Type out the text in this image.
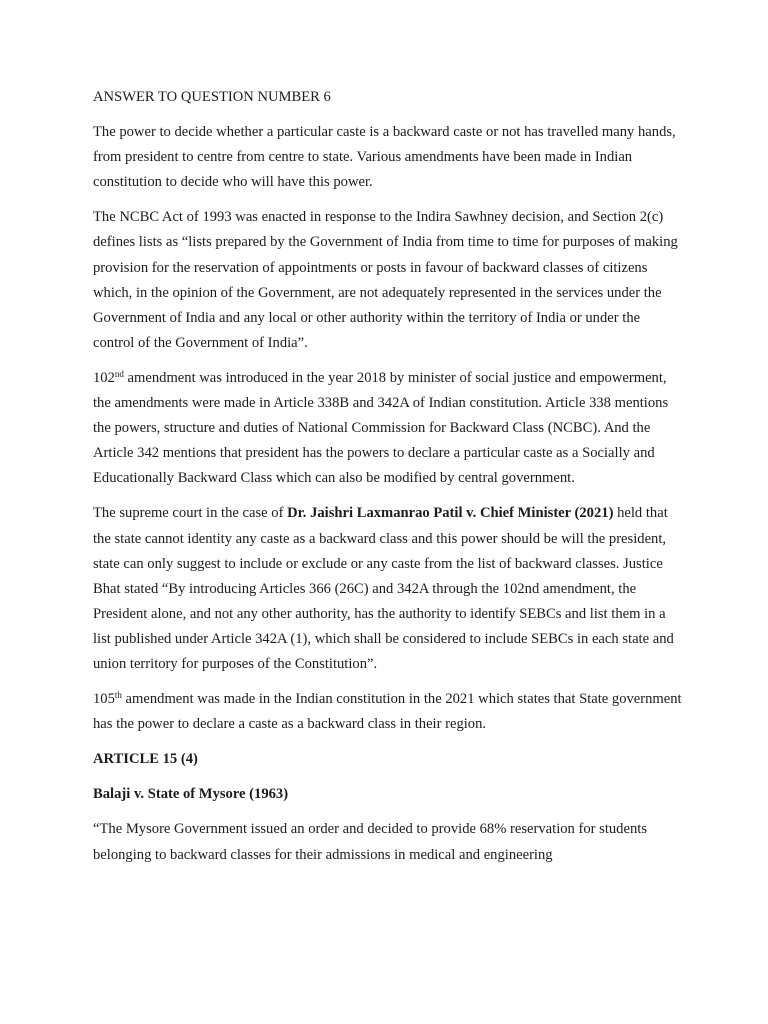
ANSWER TO QUESTION NUMBER 6

The power to decide whether a particular caste is a backward caste or not has travelled many hands, from president to centre from centre to state. Various amendments have been made in Indian constitution to decide who will have this power.

The NCBC Act of 1993 was enacted in response to the Indira Sawhney decision, and Section 2(c) defines lists as “lists prepared by the Government of India from time to time for purposes of making provision for the reservation of appointments or posts in favour of backward classes of citizens which, in the opinion of the Government, are not adequately represented in the services under the Government of India and any local or other authority within the territory of India or under the control of the Government of India”.

102nd amendment was introduced in the year 2018 by minister of social justice and empowerment, the amendments were made in Article 338B and 342A of Indian constitution. Article 338 mentions the powers, structure and duties of National Commission for Backward Class (NCBC). And the Article 342 mentions that president has the powers to declare a particular caste as a Socially and Educationally Backward Class which can also be modified by central government.

The supreme court in the case of Dr. Jaishri Laxmanrao Patil v. Chief Minister (2021) held that the state cannot identity any caste as a backward class and this power should be will the president, state can only suggest to include or exclude or any caste from the list of backward classes. Justice Bhat stated “By introducing Articles 366 (26C) and 342A through the 102nd amendment, the President alone, and not any other authority, has the authority to identify SEBCs and list them in a list published under Article 342A (1), which shall be considered to include SEBCs in each state and union territory for purposes of the Constitution”.

105th amendment was made in the Indian constitution in the 2021 which states that State government has the power to declare a caste as a backward class in their region.

ARTICLE 15 (4)

Balaji v. State of Mysore (1963)

“The Mysore Government issued an order and decided to provide 68% reservation for students belonging to backward classes for their admissions in medical and engineering
